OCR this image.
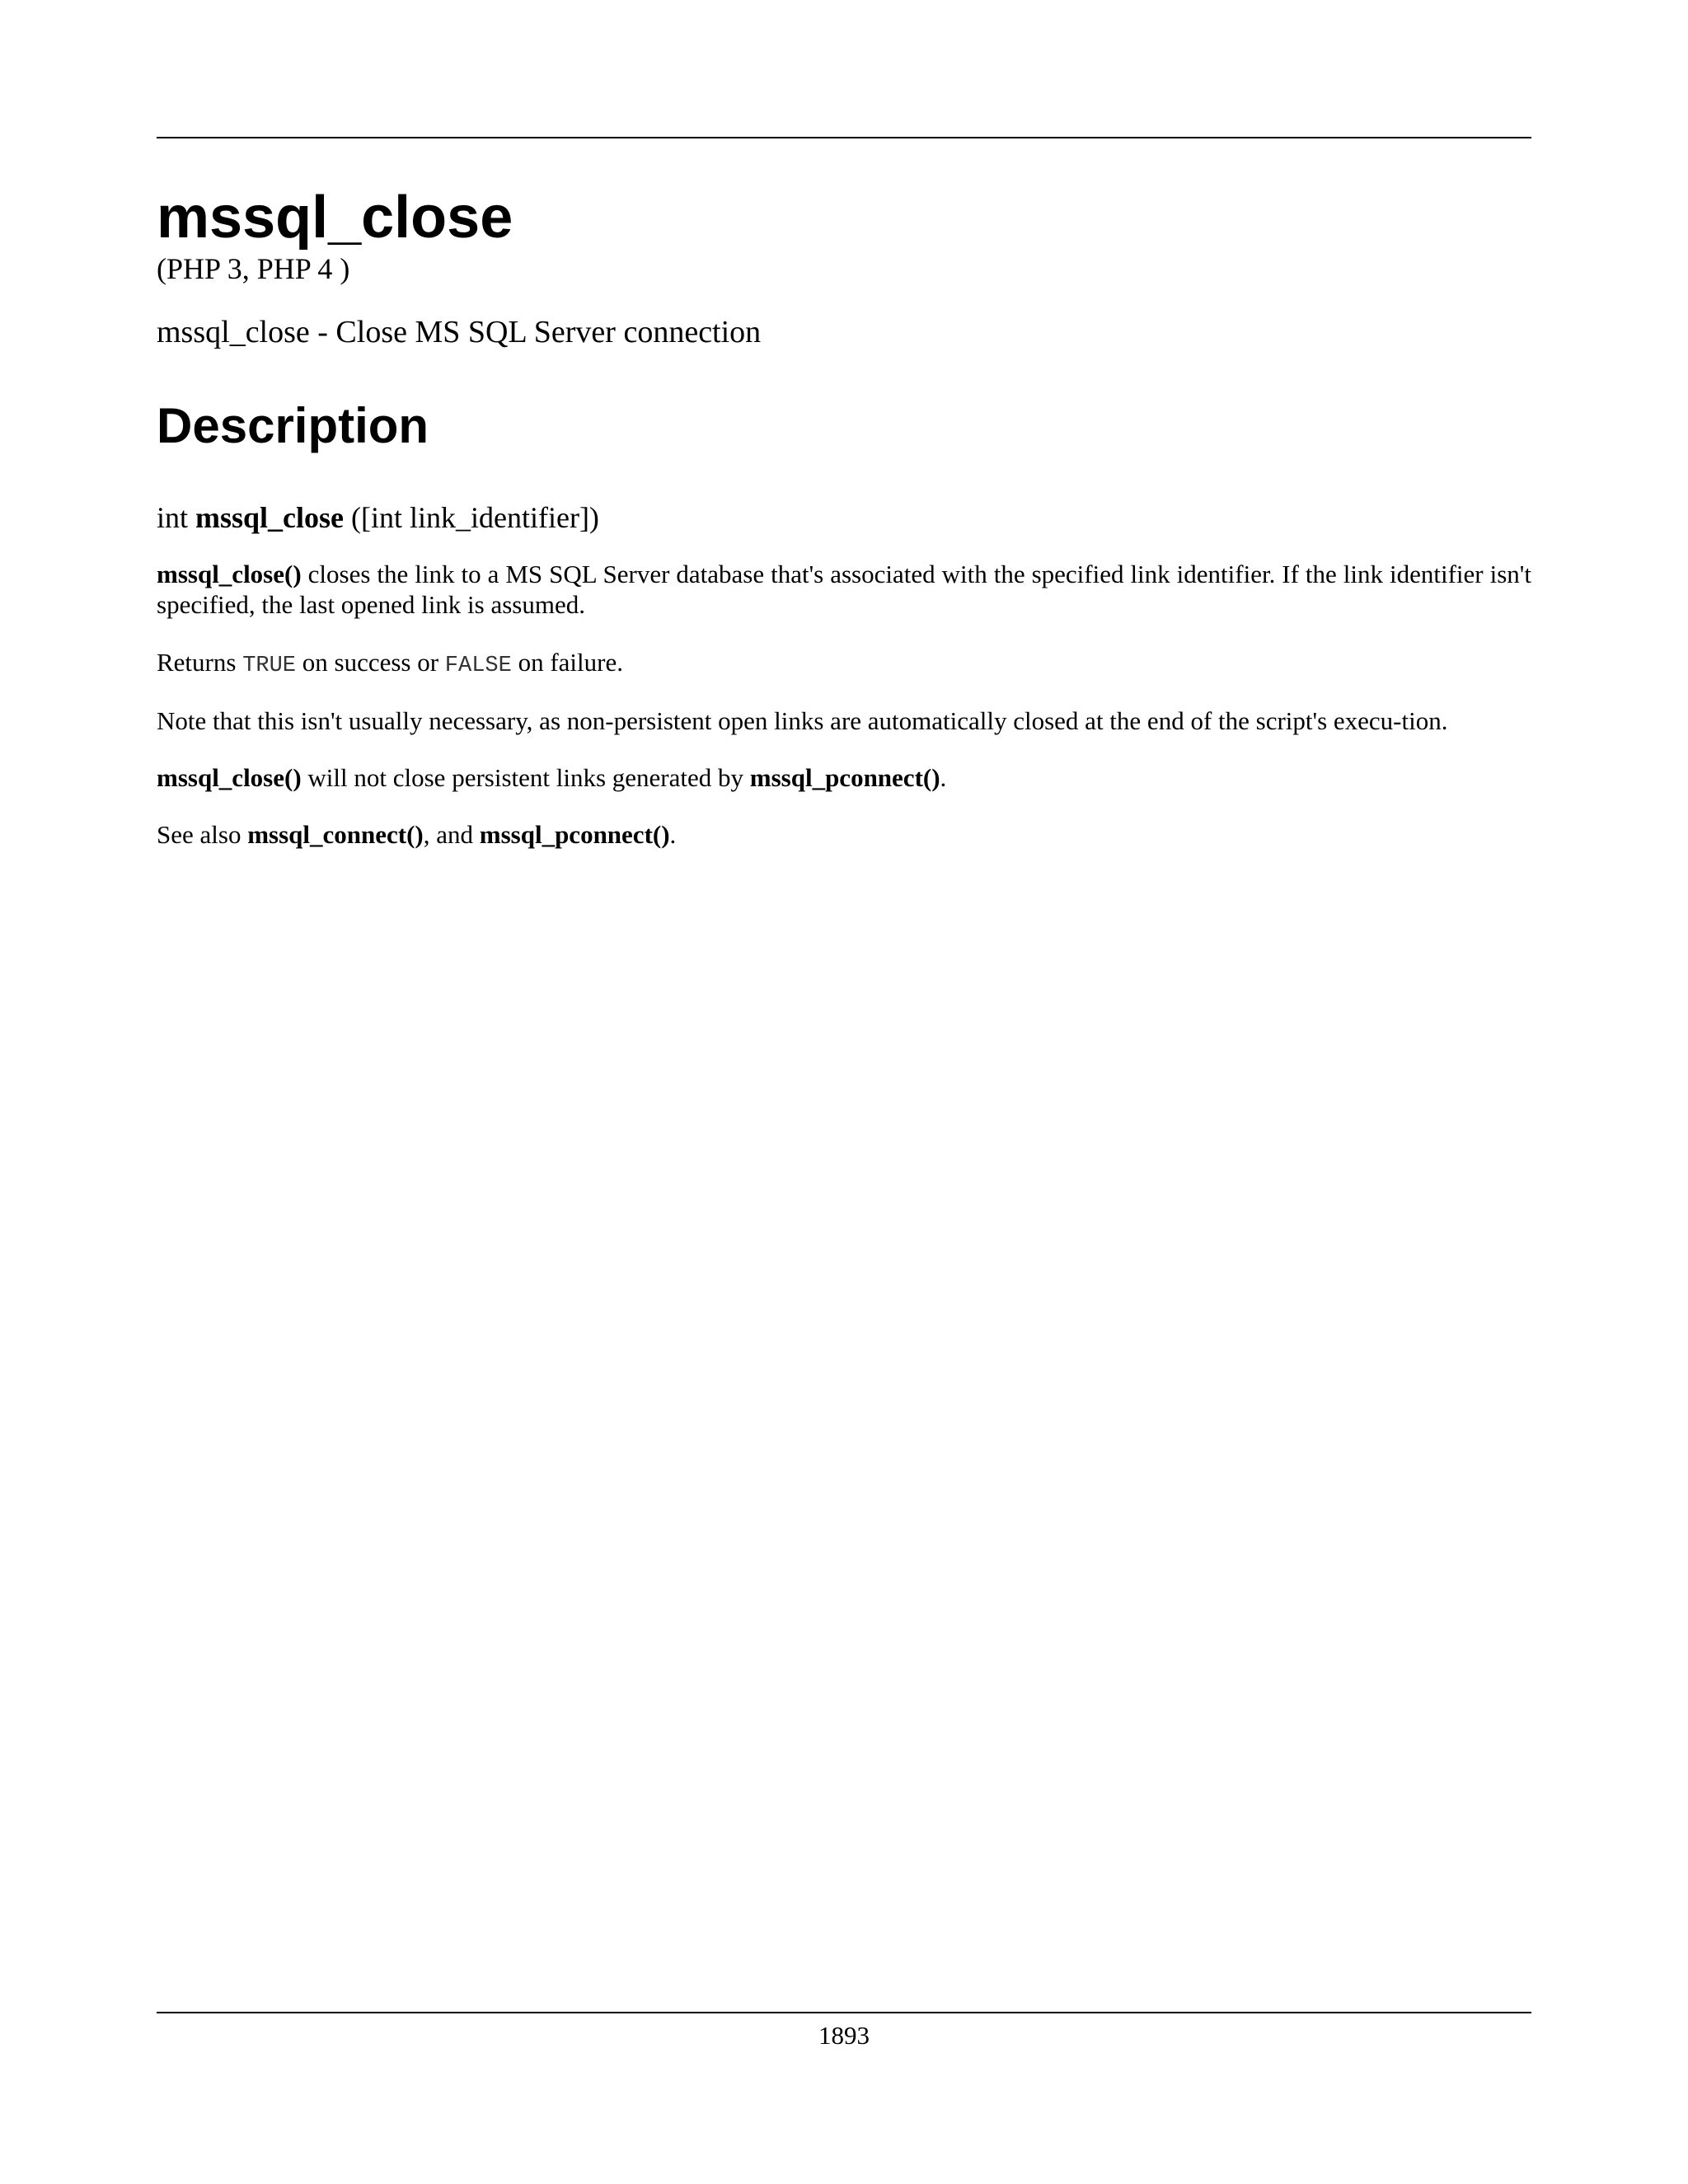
mssql_close
(PHP 3, PHP 4 )
mssql_close - Close MS SQL Server connection
Description
int mssql_close ([int link_identifier])

mssql_close() closes the link to a MS SQL Server database that's associated with the specified link identifier. If the link identifier isn't specified, the last opened link is assumed.

Returns TRUE on success or FALSE on failure.

Note that this isn't usually necessary, as non-persistent open links are automatically closed at the end of the script's execu-tion.

mssql_close() will not close persistent links generated by mssql_pconnect().

See also mssql_connect(), and mssql_pconnect().

1893
